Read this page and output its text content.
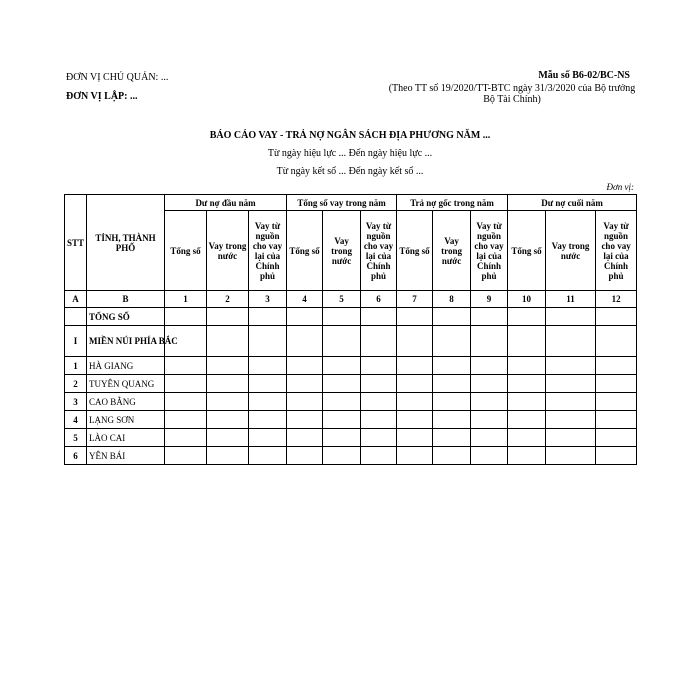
ĐƠN VỊ CHỦ QUẢN: ...
ĐƠN VỊ LẬP: ...
Mẫu số B6-02/BC-NS
(Theo TT số 19/2020/TT-BTC ngày 31/3/2020 của Bộ trưởng Bộ Tài Chính)
BÁO CÁO VAY - TRẢ NỢ NGÂN SÁCH ĐỊA PHƯƠNG NĂM ...
Từ ngày hiệu lực ... Đến ngày hiệu lực ...
Từ ngày kết sổ ... Đến ngày kết sổ ...
Đơn vị:
STT	TỈNH, THÀNH PHỐ	Dư nợ đầu năm			Tổng số vay trong năm			Trả nợ gốc trong năm			Dư nợ cuối năm		
		Tổng số	Vay trong nước	Vay từ nguồn cho vay lại của Chính phủ	Tổng số	Vay trong nước	Vay từ nguồn cho vay lại của Chính phủ	Tổng số	Vay trong nước	Vay từ nguồn cho vay lại của Chính phủ	Tổng số	Vay trong nước	Vay từ nguồn cho vay lại của Chính phủ
A	B	1	2	3	4	5	6	7	8	9	10	11	12
	TỔNG SỐ												
I	MIỀN NÚI PHÍA BẮC												
1	HÀ GIANG												
2	TUYÊN QUANG												
3	CAO BẰNG												
4	LẠNG SƠN												
5	LÀO CAI												
6	YÊN BÁI												
